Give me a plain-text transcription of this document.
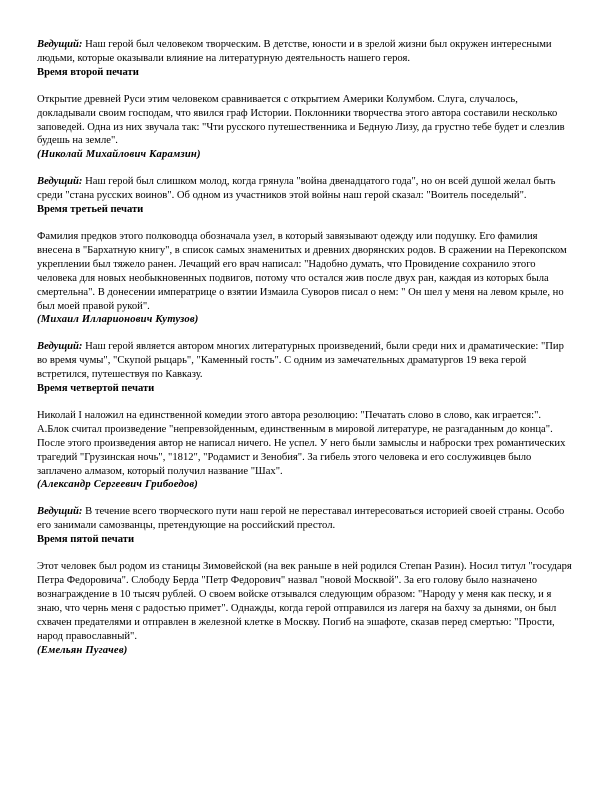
Ведущий: Наш герой был человеком творческим. В детстве, юности и в зрелой жизни был окружен интересными людьми, которые оказывали влияние на литературную деятельность нашего героя.

Время второй печати

Открытие древней Руси этим человеком сравнивается с открытием Америки Колумбом. Слуга, случалось, докладывали своим господам, что явился граф Истории. Поклонники творчества этого автора составили несколько заповедей. Одна из них звучала так: "Чти русского путешественника и Бедную Лизу, да грустно тебе будет и слезлив будешь на земле".

(Николай Михайлович Карамзин)

Ведущий: Наш герой был слишком молод, когда грянула "война двенадцатого года", но он всей душой желал быть среди "стана русских воинов". Об одном из участников этой войны наш герой сказал: "Воитель поседелый".

Время третьей печати

Фамилия предков этого полководца обозначала узел, в который завязывают одежду или подушку. Его фамилия внесена в "Бархатную книгу", в список самых знаменитых и древних дворянских родов. В сражении на Перекопском укреплении был тяжело ранен. Лечащий его врач написал: "Надобно думать, что Провидение сохранило этого человека для новых необыкновенных подвигов, потому что остался жив после двух ран, каждая из которых была смертельна". В донесении императрице о взятии Измаила Суворов писал о нем: " Он шел у меня на левом крыле, но был моей правой рукой".

(Михаил Илларионович Кутузов)

Ведущий: Наш герой является автором многих литературных произведений, были среди них и драматические: "Пир во время чумы", "Скупой рыцарь", "Каменный гость". С одним из замечательных драматургов 19 века герой встретился, путешествуя по Кавказу.

Время четвертой печати

Николай I наложил на единственной комедии этого автора резолюцию: "Печатать слово в слово, как играется:". А.Блок считал произведение "непревзойденным, единственным в мировой литературе, не разгаданным до конца". После этого произведения автор не написал ничего. Не успел. У него были замыслы и наброски трех романтических трагедий "Грузинская ночь", "1812", "Родамист и Зенобия". За гибель этого человека и его сослуживцев было заплачено алмазом, который получил название "Шах".

(Александр Сергеевич Грибоедов)

Ведущий: В течение всего творческого пути наш герой не переставал интересоваться историей своей страны. Особо его занимали самозванцы, претендующие на российский престол.

Время пятой печати

Этот человек был родом из станицы Зимовейской (на век раньше в ней родился Степан Разин). Носил титул "государя Петра Федоровича". Слободу Берда "Петр Федорович" назвал "новой Москвой". За его голову было назначено вознаграждение в 10 тысяч рублей. О своем войске отзывался следующим образом: "Народу у меня как песку, и я знаю, что чернь меня с радостью примет". Однажды, когда герой отправился из лагеря на бахчу за дынями, он был схвачен предателями и отправлен в железной клетке в Москву. Погиб на эшафоте, сказав перед смертью: "Прости, народ православный".

(Емельян Пугачев)
